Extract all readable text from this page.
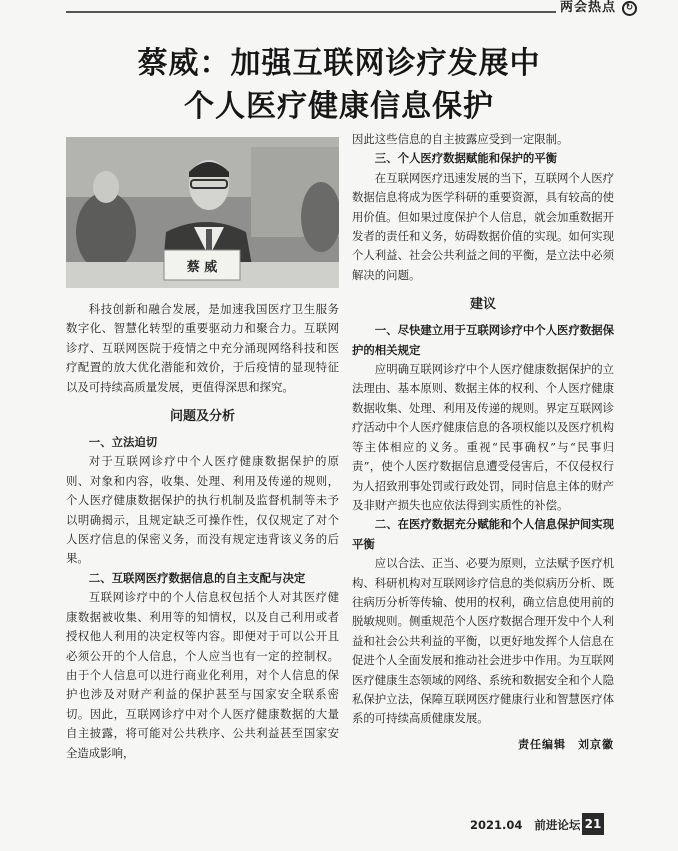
两会热点	↻
蔡威：加强互联网诊疗发展中
个人医疗健康信息保护
蔡 威

科技创新和融合发展，是加速我国医疗卫生服务数字化、智慧化转型的重要驱动力和聚合力。互联网诊疗、互联网医院于疫情之中充分涌现网络科技和医疗配置的放大优化潜能和效价，于后疫情的显现特征以及可持续高质量发展，更值得深思和探究。

问题及分析
一、立法迫切

对于互联网诊疗中个人医疗健康数据保护的原则、对象和内容，收集、处理、利用及传递的规则，个人医疗健康数据保护的执行机制及监督机制等未予以明确揭示，且规定缺乏可操作性，仅仅规定了对个人医疗信息的保密义务，而没有规定违背该义务的后果。

二、互联网医疗数据信息的自主支配与决定

互联网诊疗中的个人信息权包括个人对其医疗健康数据被收集、利用等的知情权，以及自己利用或者授权他人利用的决定权等内容。即便对于可以公开且必须公开的个人信息，个人应当也有一定的控制权。由于个人信息可以进行商业化利用，对个人信息的保护也涉及对财产利益的保护甚至与国家安全联系密切。因此，互联网诊疗中对个人医疗健康数据的大量自主披露，将可能对公共秩序、公共利益甚至国家安全造成影响，

因此这些信息的自主披露应受到一定限制。

三、个人医疗数据赋能和保护的平衡

在互联网医疗迅速发展的当下，互联网个人医疗数据信息将成为医学科研的重要资源，具有较高的使用价值。但如果过度保护个人信息，就会加重数据开发者的责任和义务，妨碍数据价值的实现。如何实现个人利益、社会公共利益之间的平衡，是立法中必须解决的问题。

建议
一、尽快建立用于互联网诊疗中个人医疗数据保护的相关规定

应明确互联网诊疗中个人医疗健康数据保护的立法理由、基本原则、数据主体的权利、个人医疗健康数据收集、处理、利用及传递的规则。界定互联网诊疗活动中个人医疗健康信息的各项权能以及医疗机构等主体相应的义务。重视“民事确权”与“民事归责”，使个人医疗数据信息遭受侵害后，不仅侵权行为人招致刑事处罚或行政处罚，同时信息主体的财产及非财产损失也应依法得到实质性的补偿。

二、在医疗数据充分赋能和个人信息保护间实现平衡

应以合法、正当、必要为原则，立法赋予医疗机构、科研机构对互联网诊疗信息的类似病历分析、既往病历分析等传输、使用的权利，确立信息使用前的脱敏规则。侧重规范个人医疗数据合理开发中个人利益和社会公共利益的平衡，以更好地发挥个人信息在促进个人全面发展和推动社会进步中作用。为互联网医疗健康生态领域的网络、系统和数据安全和个人隐私保护立法，保障互联网医疗健康行业和智慧医疗体系的可持续高质健康发展。

责任编辑　刘京徽
2021.04 前进论坛 21
